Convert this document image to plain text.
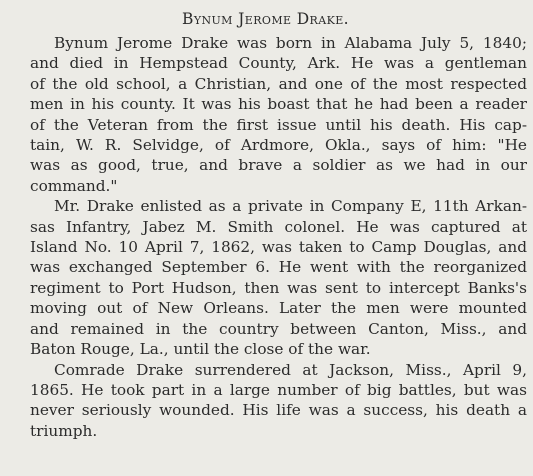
Bynum Jerome Drake.
Bynum Jerome Drake was born in Alabama July 5, 1840;
and died in Hempstead County, Ark. He was a gentleman
of the old school, a Christian, and one of the most respected
men in his county. It was his boast that he had been a reader
of the Veteran from the first issue until his death. His cap-
tain, W. R. Selvidge, of Ardmore, Okla., says of him: "He
was as good, true, and brave a soldier as we had in our
command."
Mr. Drake enlisted as a private in Company E, 11th Arkan-
sas Infantry, Jabez M. Smith colonel. He was captured at
Island No. 10 April 7, 1862, was taken to Camp Douglas, and
was exchanged September 6. He went with the reorganized
regiment to Port Hudson, then was sent to intercept Banks's
moving out of New Orleans. Later the men were mounted
and remained in the country between Canton, Miss., and
Baton Rouge, La., until the close of the war.
Comrade Drake surrendered at Jackson, Miss., April 9,
1865. He took part in a large number of big battles, but was
never seriously wounded. His life was a success, his death a
triumph.
